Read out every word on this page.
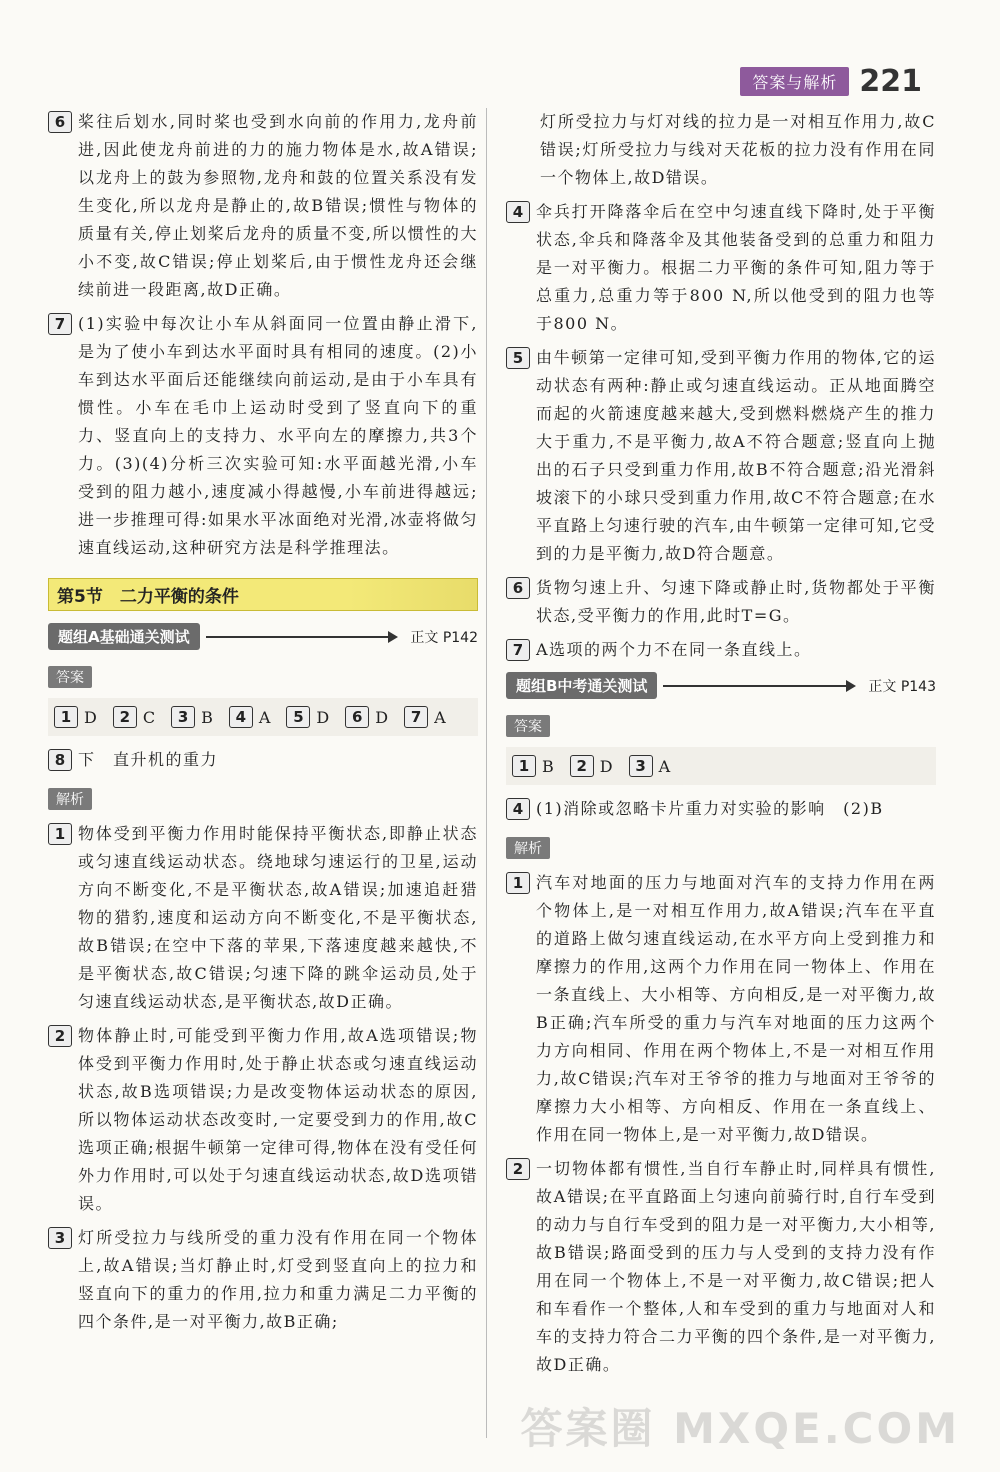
答案与解析 221
6 桨往后划水,同时桨也受到水向前的作用力,龙舟前进,因此使龙舟前进的力的施力物体是水,故A错误;以龙舟上的鼓为参照物,龙舟和鼓的位置关系没有发生变化,所以龙舟是静止的,故B错误;惯性与物体的质量有关,停止划桨后龙舟的质量不变,所以惯性的大小不变,故C错误;停止划桨后,由于惯性龙舟还会继续前进一段距离,故D正确。
7 (1)实验中每次让小车从斜面同一位置由静止滑下,是为了使小车到达水平面时具有相同的速度。(2)小车到达水平面后还能继续向前运动,是由于小车具有惯性。小车在毛巾上运动时受到了竖直向下的重力、竖直向上的支持力、水平向左的摩擦力,共3个力。(3)(4)分析三次实验可知:水平面越光滑,小车受到的阻力越小,速度减小得越慢,小车前进得越远;进一步推理可得:如果水平冰面绝对光滑,冰壶将做匀速直线运动,这种研究方法是科学推理法。
第5节　二力平衡的条件
题组A基础通关测试	正文 P142
答案
1 D	2 C	3 B	4 A	5 D	6 D	7 A
8 下　直升机的重力
解析
1 物体受到平衡力作用时能保持平衡状态,即静止状态或匀速直线运动状态。绕地球匀速运行的卫星,运动方向不断变化,不是平衡状态,故A错误;加速追赶猎物的猎豹,速度和运动方向不断变化,不是平衡状态,故B错误;在空中下落的苹果,下落速度越来越快,不是平衡状态,故C错误;匀速下降的跳伞运动员,处于匀速直线运动状态,是平衡状态,故D正确。
2 物体静止时,可能受到平衡力作用,故A选项错误;物体受到平衡力作用时,处于静止状态或匀速直线运动状态,故B选项错误;力是改变物体运动状态的原因,所以物体运动状态改变时,一定要受到力的作用,故C选项正确;根据牛顿第一定律可得,物体在没有受任何外力作用时,可以处于匀速直线运动状态,故D选项错误。
3 灯所受拉力与线所受的重力没有作用在同一个物体上,故A错误;当灯静止时,灯受到竖直向上的拉力和竖直向下的重力的作用,拉力和重力满足二力平衡的四个条件,是一对平衡力,故B正确;
灯所受拉力与灯对线的拉力是一对相互作用力,故C错误;灯所受拉力与线对天花板的拉力没有作用在同一个物体上,故D错误。
4 伞兵打开降落伞后在空中匀速直线下降时,处于平衡状态,伞兵和降落伞及其他装备受到的总重力和阻力是一对平衡力。根据二力平衡的条件可知,阻力等于总重力,总重力等于800 N,所以他受到的阻力也等于800 N。
5 由牛顿第一定律可知,受到平衡力作用的物体,它的运动状态有两种:静止或匀速直线运动。正从地面腾空而起的火箭速度越来越大,受到燃料燃烧产生的推力大于重力,不是平衡力,故A不符合题意;竖直向上抛出的石子只受到重力作用,故B不符合题意;沿光滑斜坡滚下的小球只受到重力作用,故C不符合题意;在水平直路上匀速行驶的汽车,由牛顿第一定律可知,它受到的力是平衡力,故D符合题意。
6 货物匀速上升、匀速下降或静止时,货物都处于平衡状态,受平衡力的作用,此时T=G。
7 A选项的两个力不在同一条直线上。
题组B中考通关测试	正文 P143
答案
1 B	2 D	3 A
4 (1)消除或忽略卡片重力对实验的影响　(2)B
解析
1 汽车对地面的压力与地面对汽车的支持力作用在两个物体上,是一对相互作用力,故A错误;汽车在平直的道路上做匀速直线运动,在水平方向上受到推力和摩擦力的作用,这两个力作用在同一物体上、作用在一条直线上、大小相等、方向相反,是一对平衡力,故B正确;汽车所受的重力与汽车对地面的压力这两个力方向相同、作用在两个物体上,不是一对相互作用力,故C错误;汽车对王爷爷的推力与地面对王爷爷的摩擦力大小相等、方向相反、作用在一条直线上、作用在同一物体上,是一对平衡力,故D错误。
2 一切物体都有惯性,当自行车静止时,同样具有惯性,故A错误;在平直路面上匀速向前骑行时,自行车受到的动力与自行车受到的阻力是一对平衡力,大小相等,故B错误;路面受到的压力与人受到的支持力没有作用在同一个物体上,不是一对平衡力,故C错误;把人和车看作一个整体,人和车受到的重力与地面对人和车的支持力符合二力平衡的四个条件,是一对平衡力,故D正确。
答案圈 MXQE.COM
